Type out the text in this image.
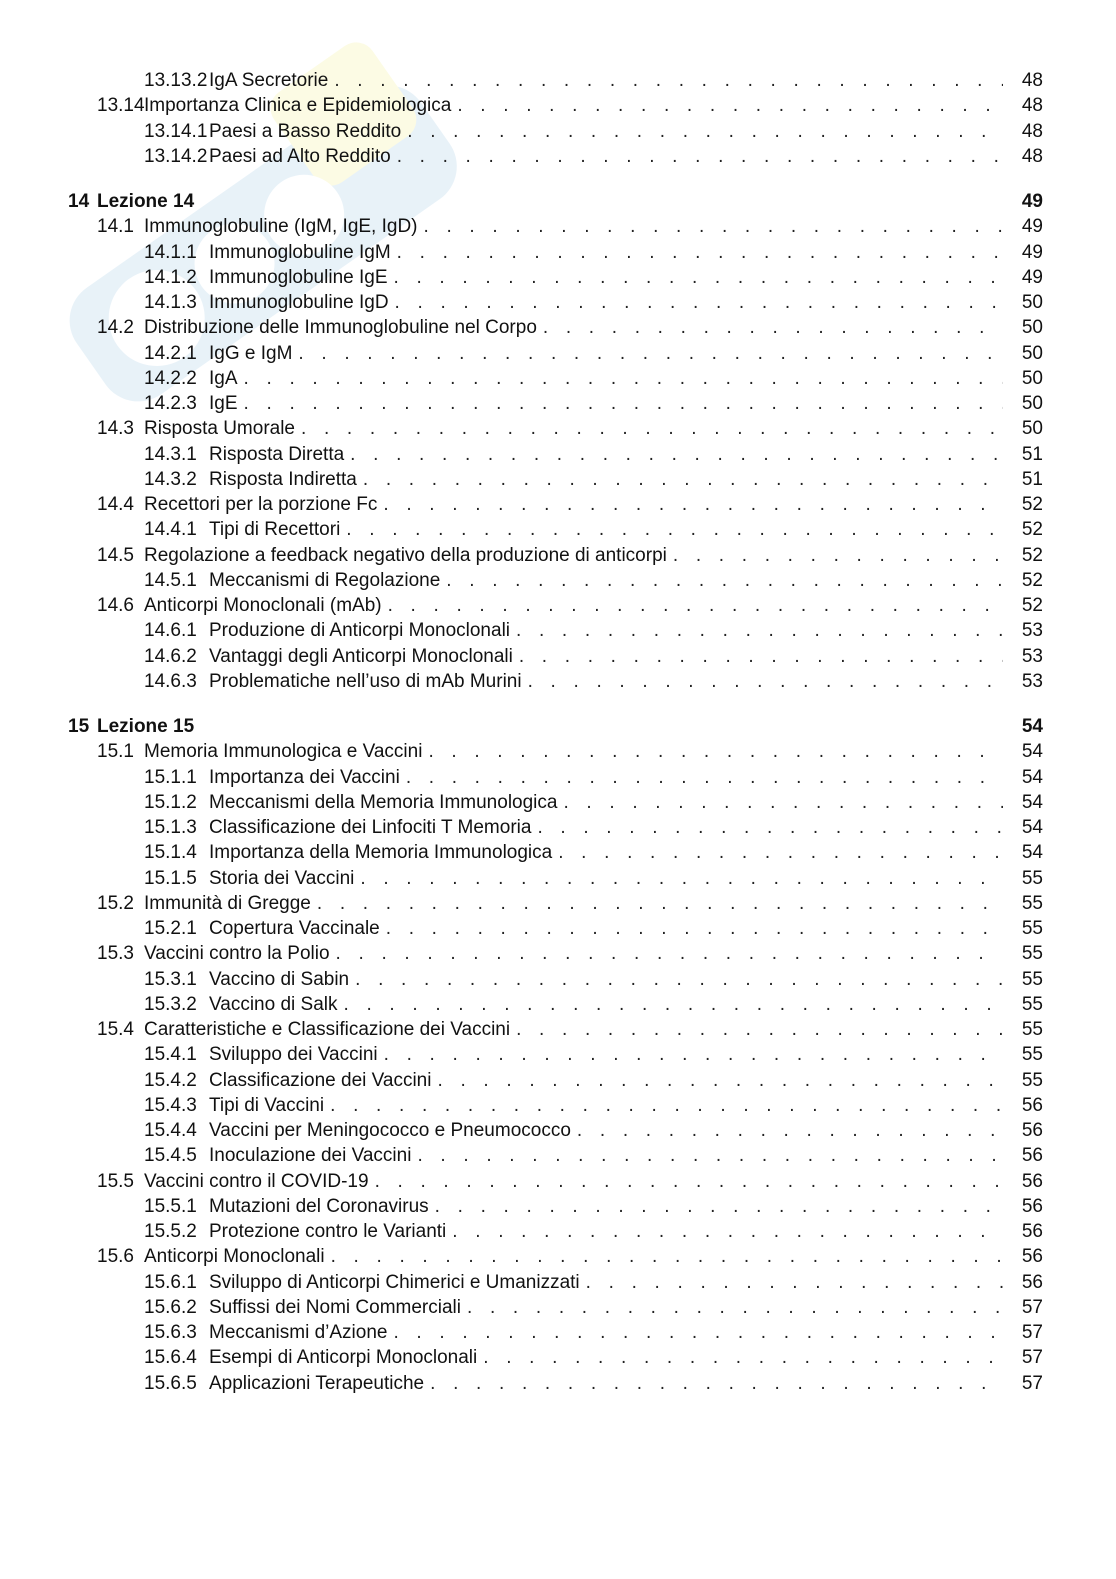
13.13.2 IgA Secretorie . . .	48
13.14 Importanza Clinica e Epidemiologica . . .	48
13.14.1 Paesi a Basso Reddito . . .	48
13.14.2 Paesi ad Alto Reddito . . .	48
14 Lezione 14	49
14.1 Immunoglobuline (IgM, IgE, IgD) . . .	49
14.1.1 Immunoglobuline IgM . . .	49
14.1.2 Immunoglobuline IgE . . .	49
14.1.3 Immunoglobuline IgD . . .	50
14.2 Distribuzione delle Immunoglobuline nel Corpo . . .	50
14.2.1 IgG e IgM . . .	50
14.2.2 IgA . . .	50
14.2.3 IgE . . .	50
14.3 Risposta Umorale . . .	50
14.3.1 Risposta Diretta . . .	51
14.3.2 Risposta Indiretta . . .	51
14.4 Recettori per la porzione Fc . . .	52
14.4.1 Tipi di Recettori . . .	52
14.5 Regolazione a feedback negativo della produzione di anticorpi . . .	52
14.5.1 Meccanismi di Regolazione . . .	52
14.6 Anticorpi Monoclonali (mAb) . . .	52
14.6.1 Produzione di Anticorpi Monoclonali . . .	53
14.6.2 Vantaggi degli Anticorpi Monoclonali . . .	53
14.6.3 Problematiche nell’uso di mAb Murini . . .	53
15 Lezione 15	54
15.1 Memoria Immunologica e Vaccini . . .	54
15.1.1 Importanza dei Vaccini . . .	54
15.1.2 Meccanismi della Memoria Immunologica . . .	54
15.1.3 Classificazione dei Linfociti T Memoria . . .	54
15.1.4 Importanza della Memoria Immunologica . . .	54
15.1.5 Storia dei Vaccini . . .	55
15.2 Immunità di Gregge . . .	55
15.2.1 Copertura Vaccinale . . .	55
15.3 Vaccini contro la Polio . . .	55
15.3.1 Vaccino di Sabin . . .	55
15.3.2 Vaccino di Salk . . .	55
15.4 Caratteristiche e Classificazione dei Vaccini . . .	55
15.4.1 Sviluppo dei Vaccini . . .	55
15.4.2 Classificazione dei Vaccini . . .	55
15.4.3 Tipi di Vaccini . . .	56
15.4.4 Vaccini per Meningococco e Pneumococco . . .	56
15.4.5 Inoculazione dei Vaccini . . .	56
15.5 Vaccini contro il COVID-19 . . .	56
15.5.1 Mutazioni del Coronavirus . . .	56
15.5.2 Protezione contro le Varianti . . .	56
15.6 Anticorpi Monoclonali . . .	56
15.6.1 Sviluppo di Anticorpi Chimerici e Umanizzati . . .	56
15.6.2 Suffissi dei Nomi Commerciali . . .	57
15.6.3 Meccanismi d’Azione . . .	57
15.6.4 Esempi di Anticorpi Monoclonali . . .	57
15.6.5 Applicazioni Terapeutiche . . .	57
